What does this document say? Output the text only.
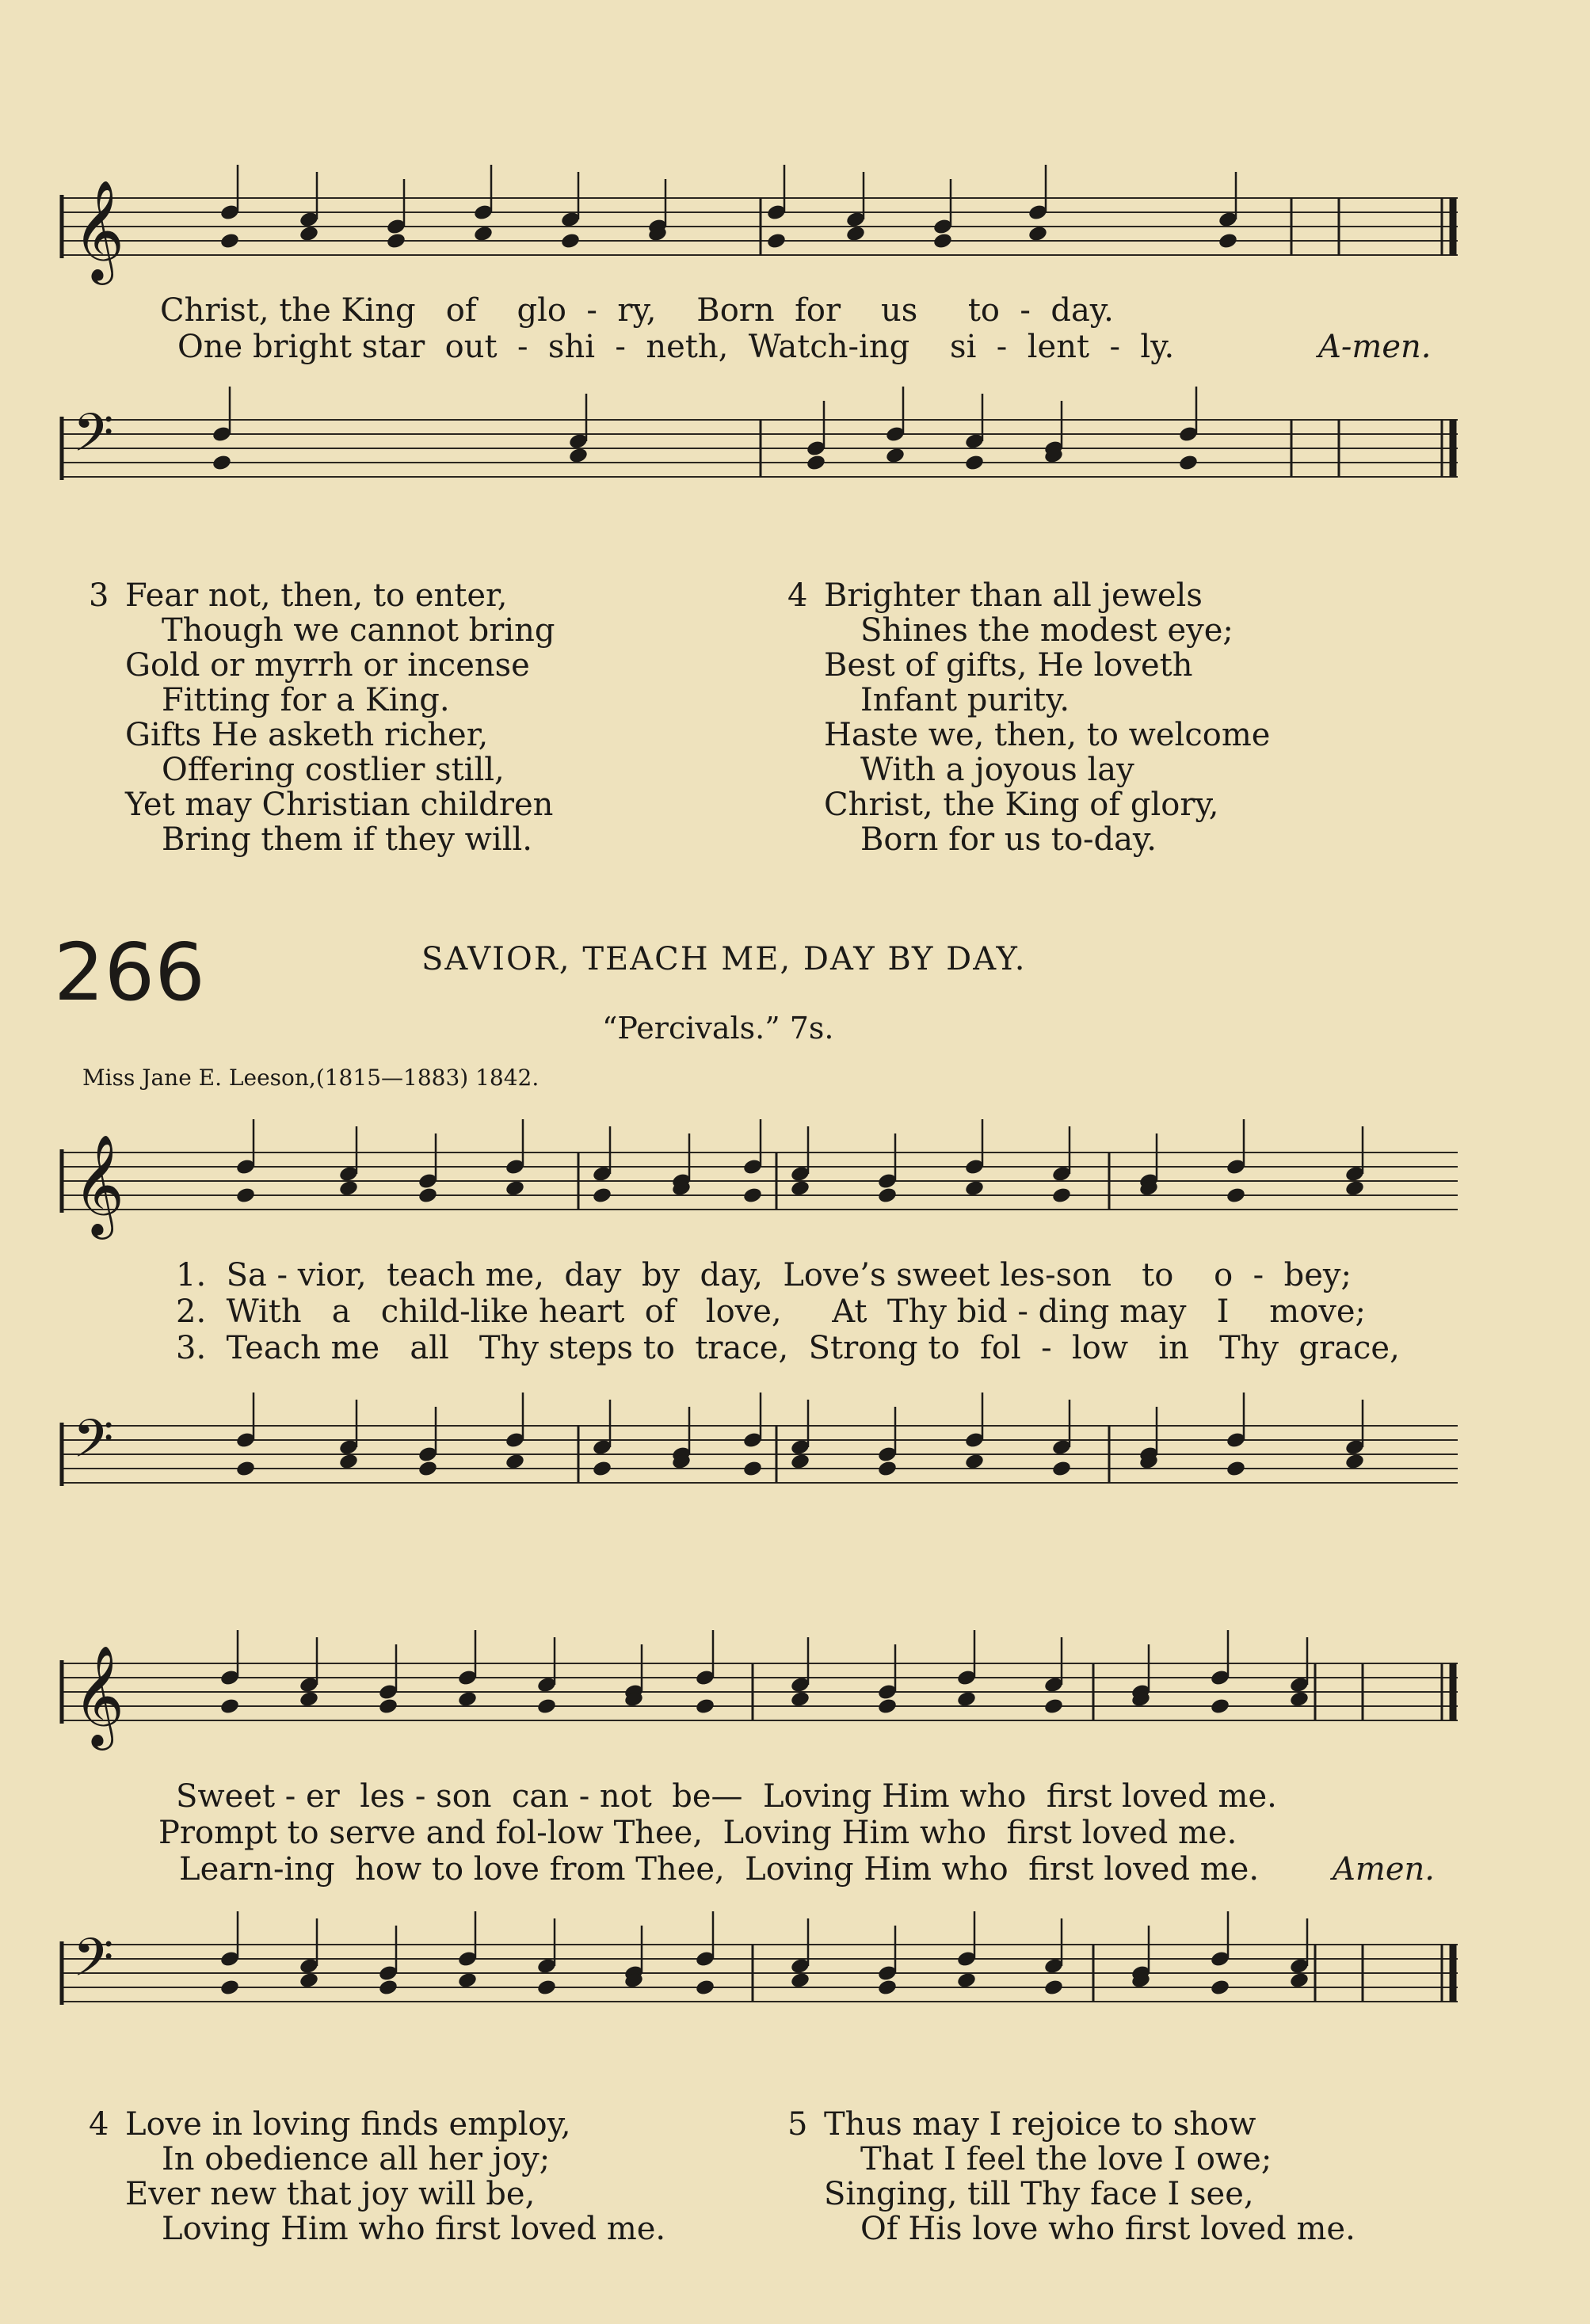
𝄞
Christ, the King   of    glo  -  ry,    Born  for    us     to  -  day.
One bright star  out  -  shi  -  neth,  Watch-ing    si  -  lent  -  ly.	A-men.
𝄢
3 Fear not, then, to enter,
Though we cannot bring
Gold or myrrh or incense
Fitting for a King.
Gifts He asketh richer,
Offering costlier still,
Yet may Christian children
Bring them if they will.
4 Brighter than all jewels
Shines the modest eye;
Best of gifts, He loveth
Infant purity.
Haste we, then, to welcome
With a joyous lay
Christ, the King of glory,
Born for us to-day.
266	SAVIOR, TEACH ME, DAY BY DAY.
“Percivals.” 7s.
Miss Jane E. Leeson,(1815—1883) 1842.
𝄞
1.  Sa - vior,  teach me,  day  by  day,  Love’s sweet les-son   to    o  -  bey;
2.  With   a   child-like heart  of   love,     At  Thy bid - ding may   I    move;
3.  Teach me   all   Thy steps to  trace,  Strong to  fol  -  low   in   Thy  grace,
𝄢
𝄞
Sweet - er  les - son  can - not  be—  Loving Him who  first loved me.
Prompt to serve and fol-low Thee,  Loving Him who  first loved me.
Learn-ing  how to love from Thee,  Loving Him who  first loved me. Amen.
𝄢
4 Love in loving finds employ,
In obedience all her joy;
Ever new that joy will be,
Loving Him who first loved me.
5 Thus may I rejoice to show
That I feel the love I owe;
Singing, till Thy face I see,
Of His love who first loved me.
